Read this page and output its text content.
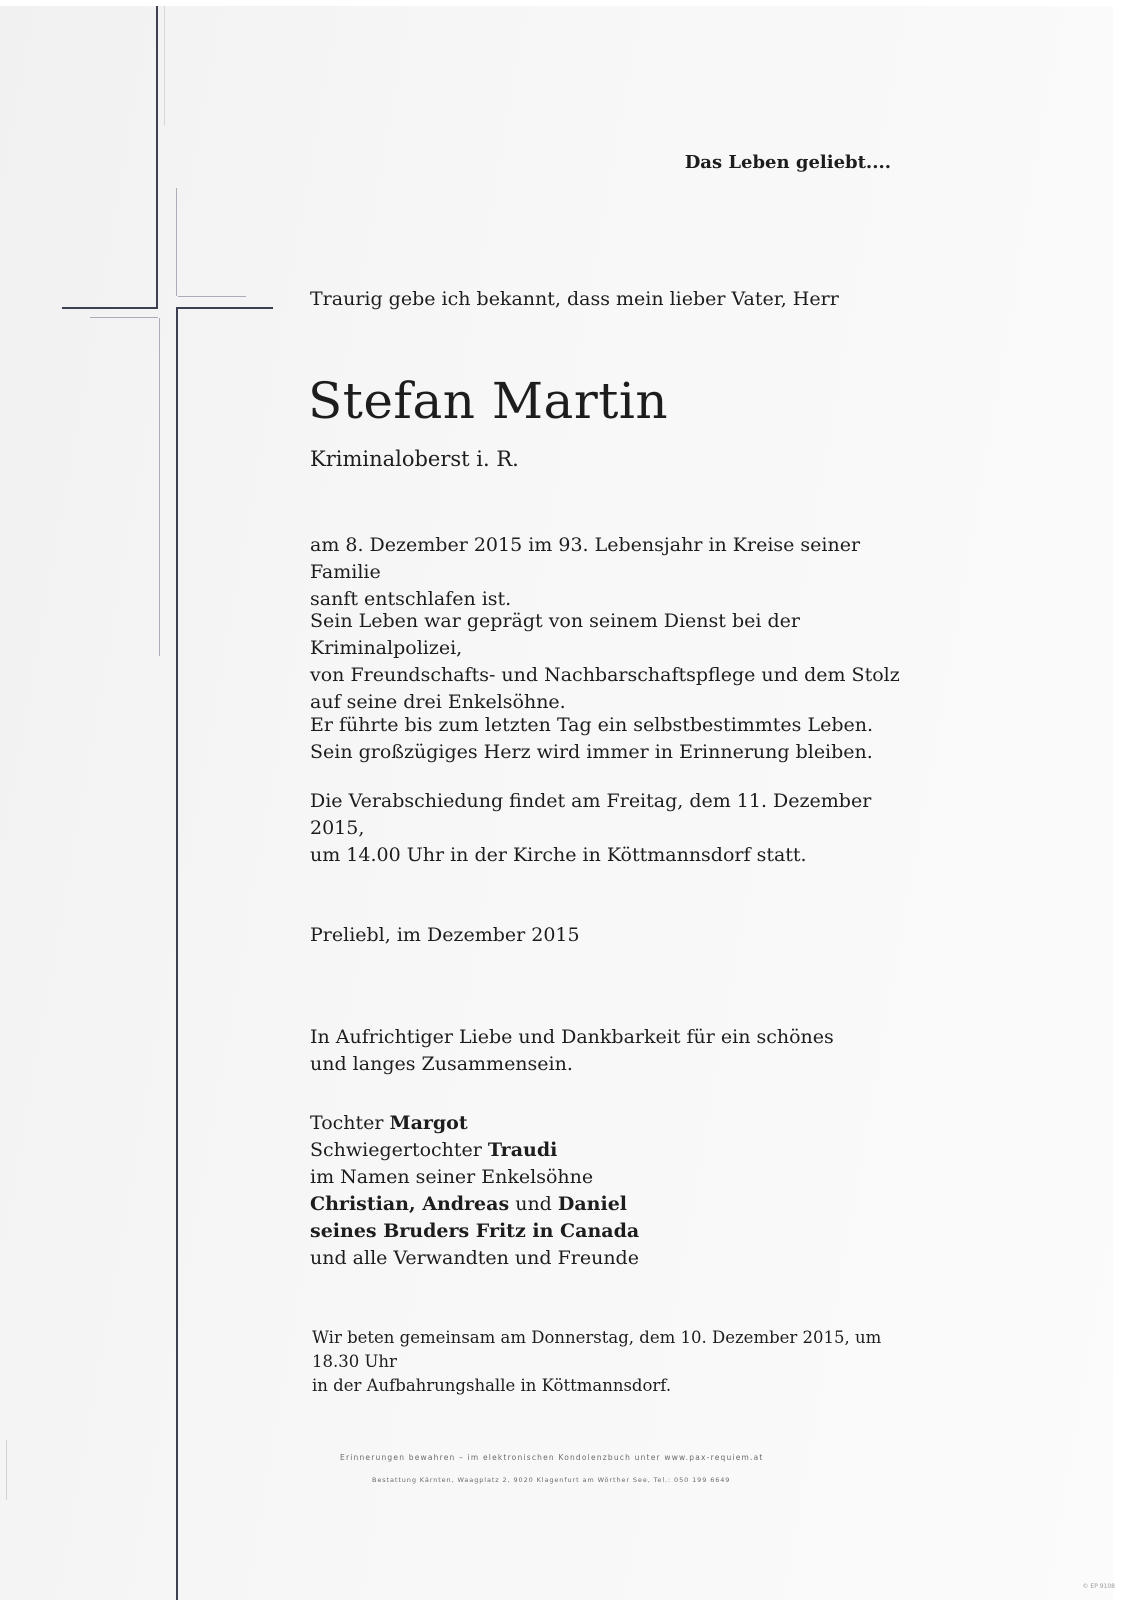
Das Leben geliebt....

Traurig gebe ich bekannt, dass mein lieber Vater, Herr

Stefan Martin

Kriminaloberst i. R.

am 8. Dezember 2015 im 93. Lebensjahr in Kreise seiner Familie
sanft entschlafen ist.

Sein Leben war geprägt von seinem Dienst bei der Kriminalpolizei,
von Freundschafts- und Nachbarschaftspflege und dem Stolz
auf seine drei Enkelsöhne.

Er führte bis zum letzten Tag ein selbstbestimmtes Leben.
Sein großzügiges Herz wird immer in Erinnerung bleiben.

Die Verabschiedung findet am Freitag, dem 11. Dezember 2015,
um 14.00 Uhr in der Kirche in Köttmannsdorf statt.

Preliebl, im Dezember 2015

In Aufrichtiger Liebe und Dankbarkeit für ein schönes
und langes Zusammensein.

Tochter Margot
Schwiegertochter Traudi
im Namen seiner Enkelsöhne
Christian, Andreas und Daniel
seines Bruders Fritz in Canada
und alle Verwandten und Freunde

Wir beten gemeinsam am Donnerstag, dem 10. Dezember 2015, um 18.30 Uhr
in der Aufbahrungshalle in Köttmannsdorf.

Erinnerungen bewahren – im elektronischen Kondolenzbuch unter www.pax-requiem.at

Bestattung Kärnten, Waagplatz 2, 9020 Klagenfurt am Wörther See, Tel.: 050 199 6649

© EP 9108
